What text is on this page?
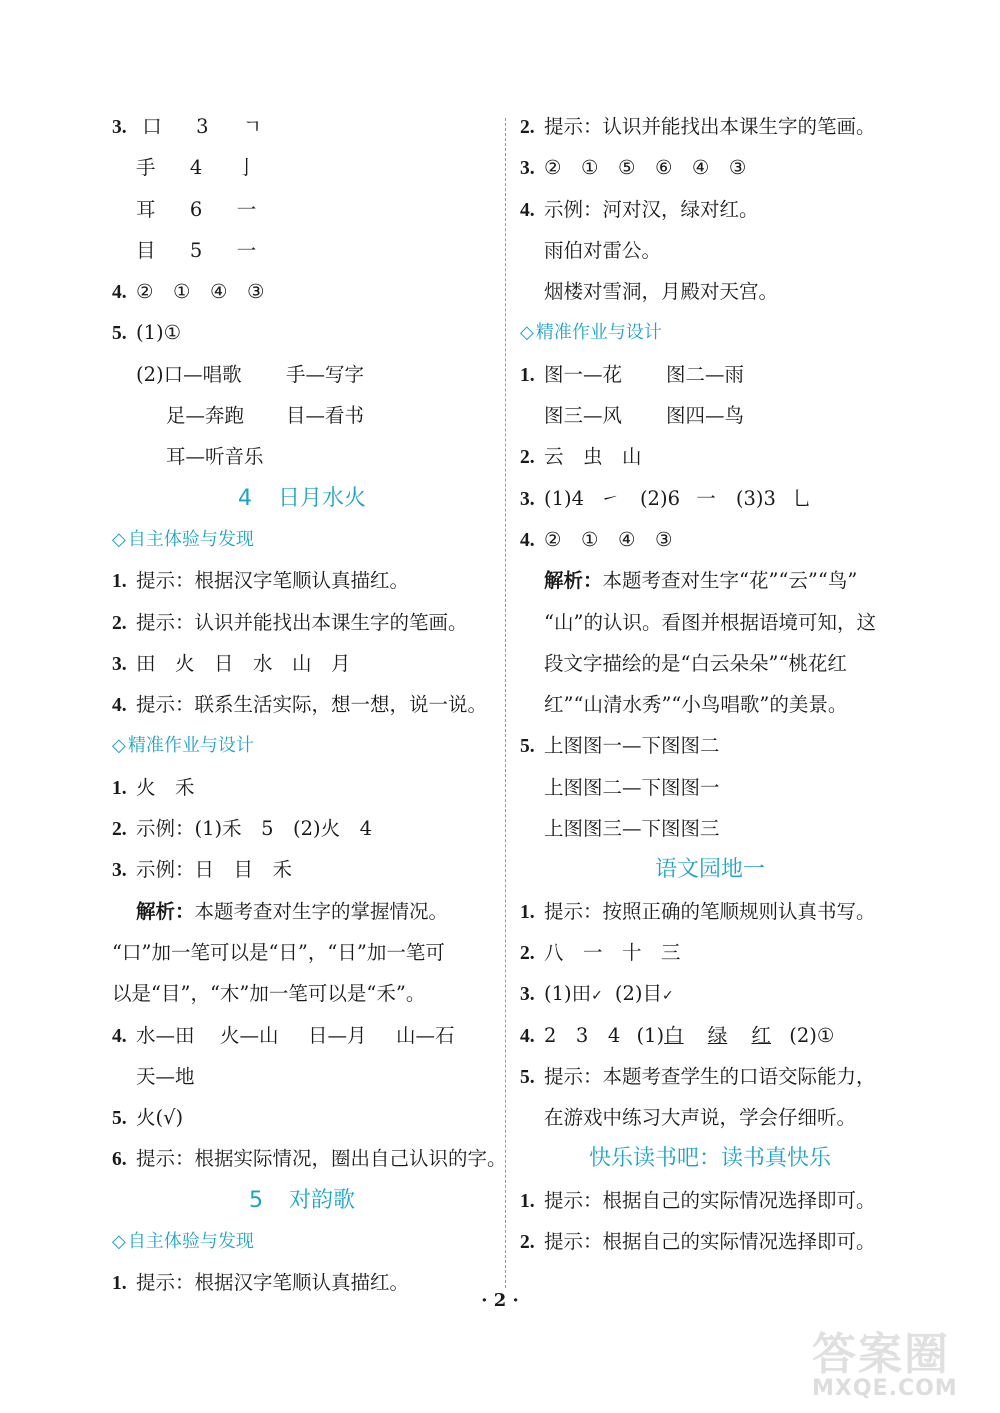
3. 口 3 ㄱ
手 4 亅
耳 6 一
目 5 一
4. ②　①　④　③
5. (1)①
(2)口—唱歌 手—写字
足—奔跑 目—看书
耳—听音乐
4 日月水火
◇ 自主体验与发现
1. 提示：根据汉字笔顺认真描红。
2. 提示：认识并能找出本课生字的笔画。
3. 田　火　日　水　山　月
4. 提示：联系生活实际，想一想，说一说。
◇ 精准作业与设计
1. 火　禾
2. 示例：(1)禾　5　(2)火　4
3. 示例：日　目　禾
解析：本题考查对生字的掌握情况。
“口”加一笔可以是“日”，“日”加一笔可
以是“目”，“木”加一笔可以是“禾”。
4. 水—田 火—山 日—月 山—石
天—地
5. 火(√)
6. 提示：根据实际情况，圈出自己认识的字。
5 对韵歌
◇ 自主体验与发现
1. 提示：根据汉字笔顺认真描红。
2. 提示：认识并能找出本课生字的笔画。
3. ②　①　⑤　⑥　④　③
4. 示例：河对汉，绿对红。
雨伯对雷公。
烟楼对雪洞，月殿对天宫。
◇ 精准作业与设计
1. 图一—花 图二—雨
图三—风 图四—鸟
2. 云　虫　山
3. (1)4 ㇀ (2)6 一 (3)3 乚
4. ②　①　④　③
解析：本题考查对生字“花”“云”“鸟”
“山”的认识。看图并根据语境可知，这
段文字描绘的是“白云朵朵”“桃花红
红”“山清水秀”“小鸟唱歌”的美景。
5. 上图图一—下图图二
上图图二—下图图一
上图图三—下图图三
语文园地一
1. 提示：按照正确的笔顺规则认真书写。
2. 八　一　十　三
3. (1)田✓ (2)目✓
4. 2　3　4 (1)白 绿 红 (2)①
5. 提示：本题考查学生的口语交际能力，
在游戏中练习大声说，学会仔细听。
快乐读书吧：读书真快乐
1. 提示：根据自己的实际情况选择即可。
2. 提示：根据自己的实际情况选择即可。
· 2 ·
答案圈
MXQE.COM
